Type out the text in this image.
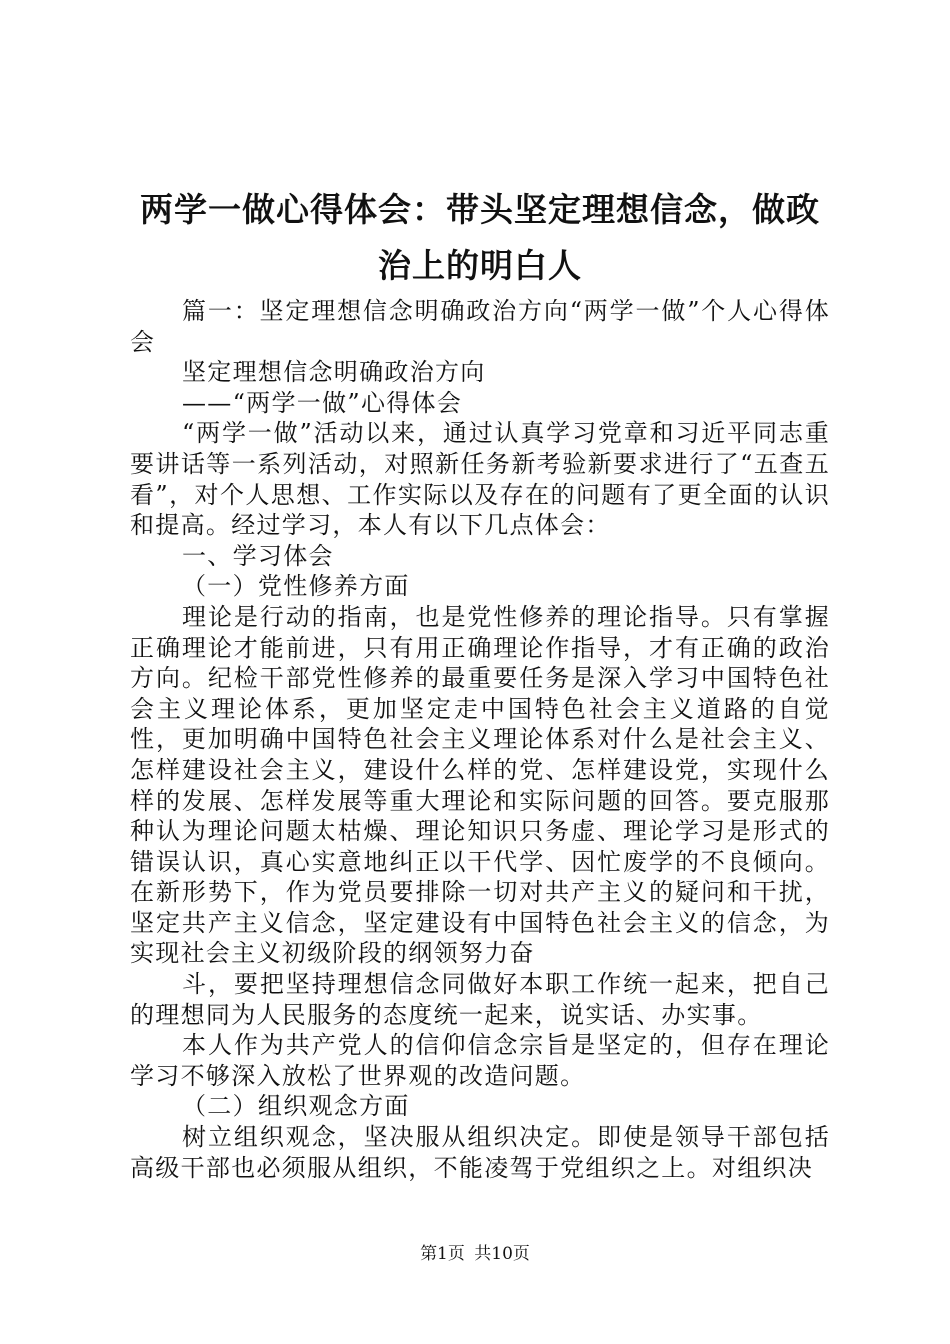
两学一做心得体会：带头坚定理想信念，做政
治上的明白人

篇一：坚定理想信念明确政治方向“两学一做”个人心得体会

坚定理想信念明确政治方向

——“两学一做”心得体会

“两学一做”活动以来，通过认真学习党章和习近平同志重要讲话等一系列活动，对照新任务新考验新要求进行了“五查五看”，对个人思想、工作实际以及存在的问题有了更全面的认识和提高。经过学习，本人有以下几点体会：

一、学习体会

（一）党性修养方面

理论是行动的指南，也是党性修养的理论指导。只有掌握正确理论才能前进，只有用正确理论作指导，才有正确的政治方向。纪检干部党性修养的最重要任务是深入学习中国特色社会主义理论体系，更加坚定走中国特色社会主义道路的自觉性，更加明确中国特色社会主义理论体系对什么是社会主义、怎样建设社会主义，建设什么样的党、怎样建设党，实现什么样的发展、怎样发展等重大理论和实际问题的回答。要克服那种认为理论问题太枯燥、理论知识只务虚、理论学习是形式的错误认识，真心实意地纠正以干代学、因忙废学的不良倾向。在新形势下，作为党员要排除一切对共产主义的疑问和干扰，坚定共产主义信念，坚定建设有中国特色社会主义的信念，为实现社会主义初级阶段的纲领努力奋

斗，要把坚持理想信念同做好本职工作统一起来，把自己的理想同为人民服务的态度统一起来，说实话、办实事。

本人作为共产党人的信仰信念宗旨是坚定的，但存在理论学习不够深入放松了世界观的改造问题。

（二）组织观念方面

树立组织观念，坚决服从组织决定。即使是领导干部包括高级干部也必须服从组织，不能凌驾于党组织之上。对组织决

第1页 共10页
